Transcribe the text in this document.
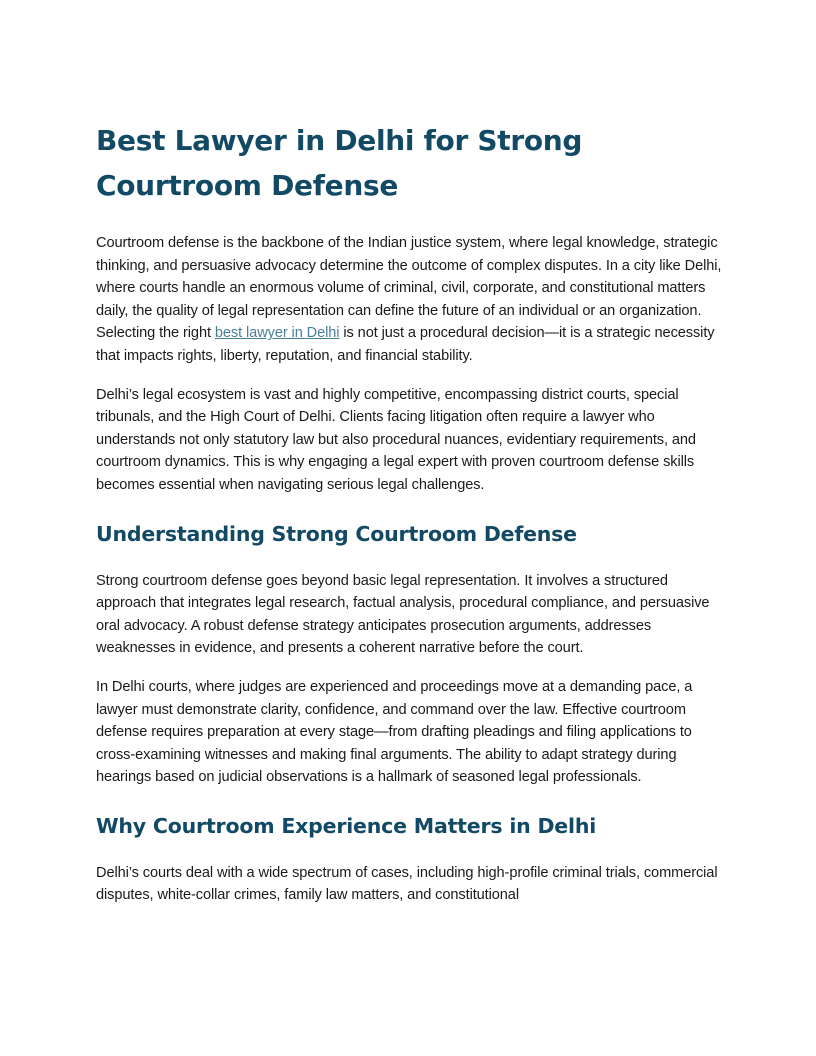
Best Lawyer in Delhi for Strong Courtroom Defense

Courtroom defense is the backbone of the Indian justice system, where legal knowledge, strategic thinking, and persuasive advocacy determine the outcome of complex disputes. In a city like Delhi, where courts handle an enormous volume of criminal, civil, corporate, and constitutional matters daily, the quality of legal representation can define the future of an individual or an organization. Selecting the right best lawyer in Delhi is not just a procedural decision—it is a strategic necessity that impacts rights, liberty, reputation, and financial stability.

Delhi’s legal ecosystem is vast and highly competitive, encompassing district courts, special tribunals, and the High Court of Delhi. Clients facing litigation often require a lawyer who understands not only statutory law but also procedural nuances, evidentiary requirements, and courtroom dynamics. This is why engaging a legal expert with proven courtroom defense skills becomes essential when navigating serious legal challenges.

Understanding Strong Courtroom Defense

Strong courtroom defense goes beyond basic legal representation. It involves a structured approach that integrates legal research, factual analysis, procedural compliance, and persuasive oral advocacy. A robust defense strategy anticipates prosecution arguments, addresses weaknesses in evidence, and presents a coherent narrative before the court.

In Delhi courts, where judges are experienced and proceedings move at a demanding pace, a lawyer must demonstrate clarity, confidence, and command over the law. Effective courtroom defense requires preparation at every stage—from drafting pleadings and filing applications to cross-examining witnesses and making final arguments. The ability to adapt strategy during hearings based on judicial observations is a hallmark of seasoned legal professionals.

Why Courtroom Experience Matters in Delhi

Delhi’s courts deal with a wide spectrum of cases, including high-profile criminal trials, commercial disputes, white-collar crimes, family law matters, and constitutional
